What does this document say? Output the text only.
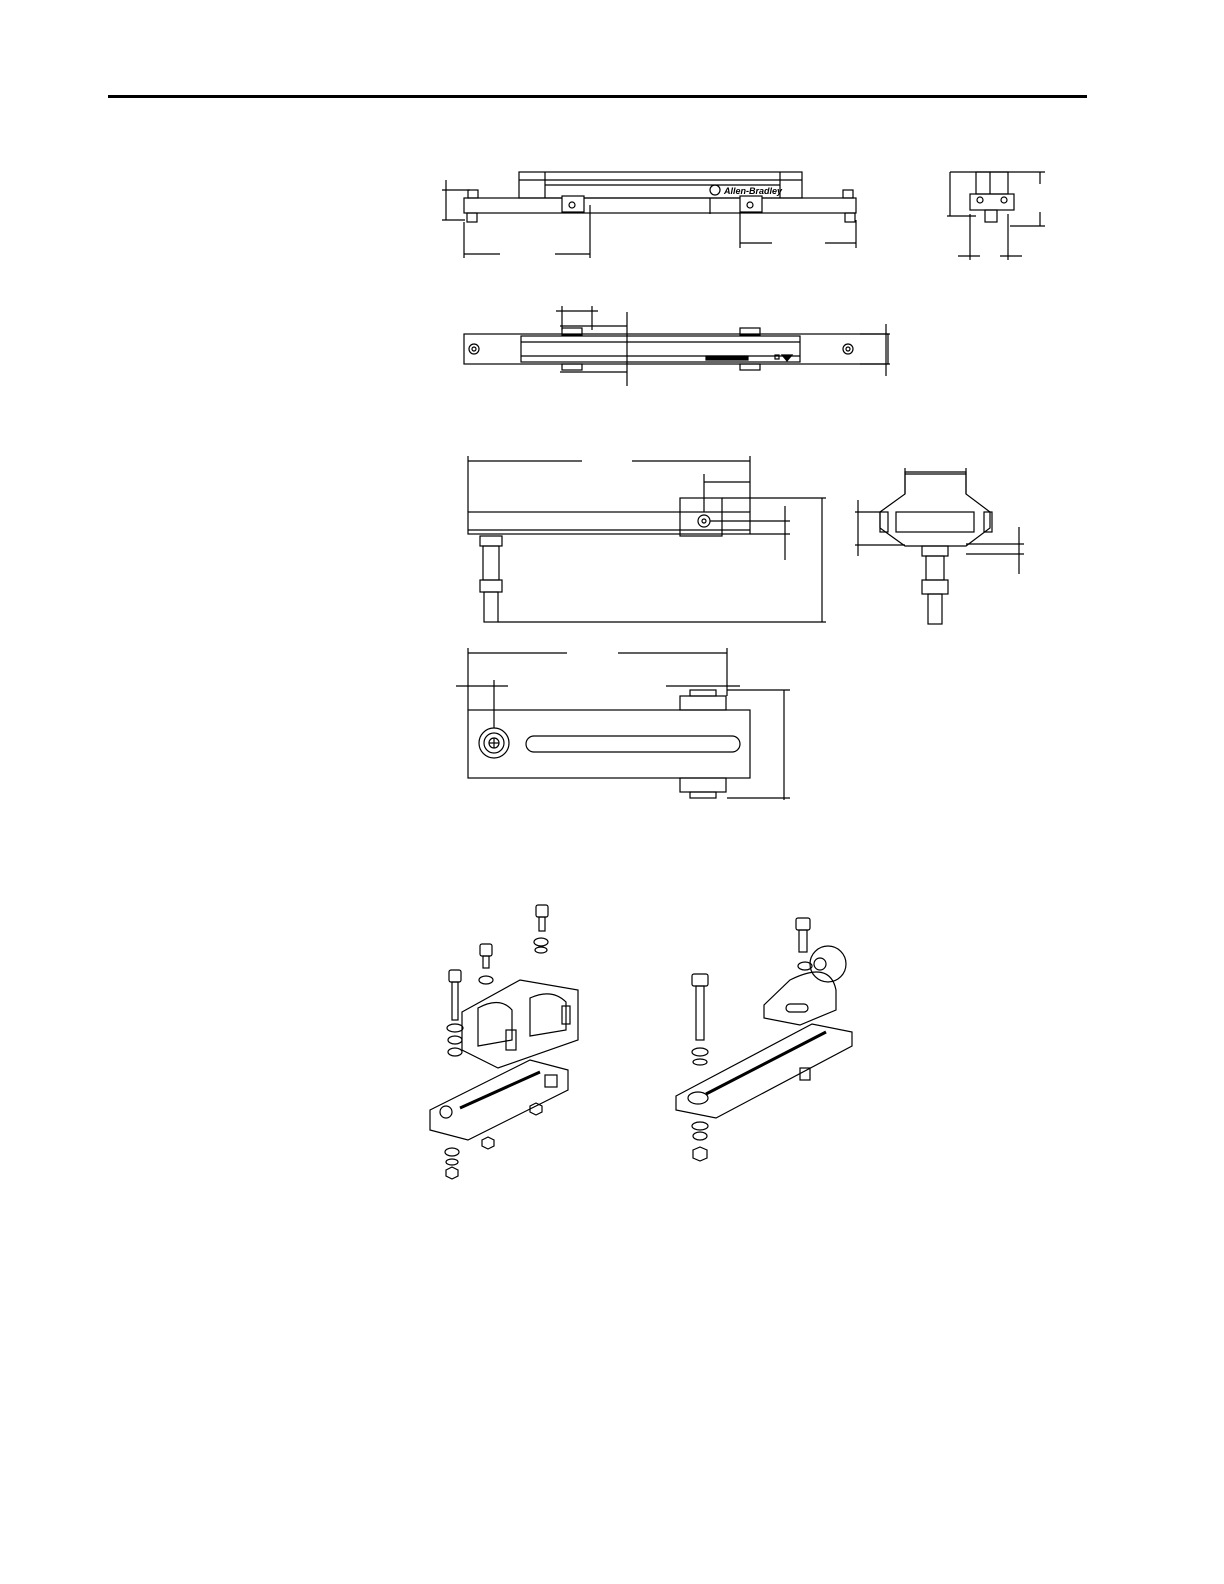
Allen-Bradley
